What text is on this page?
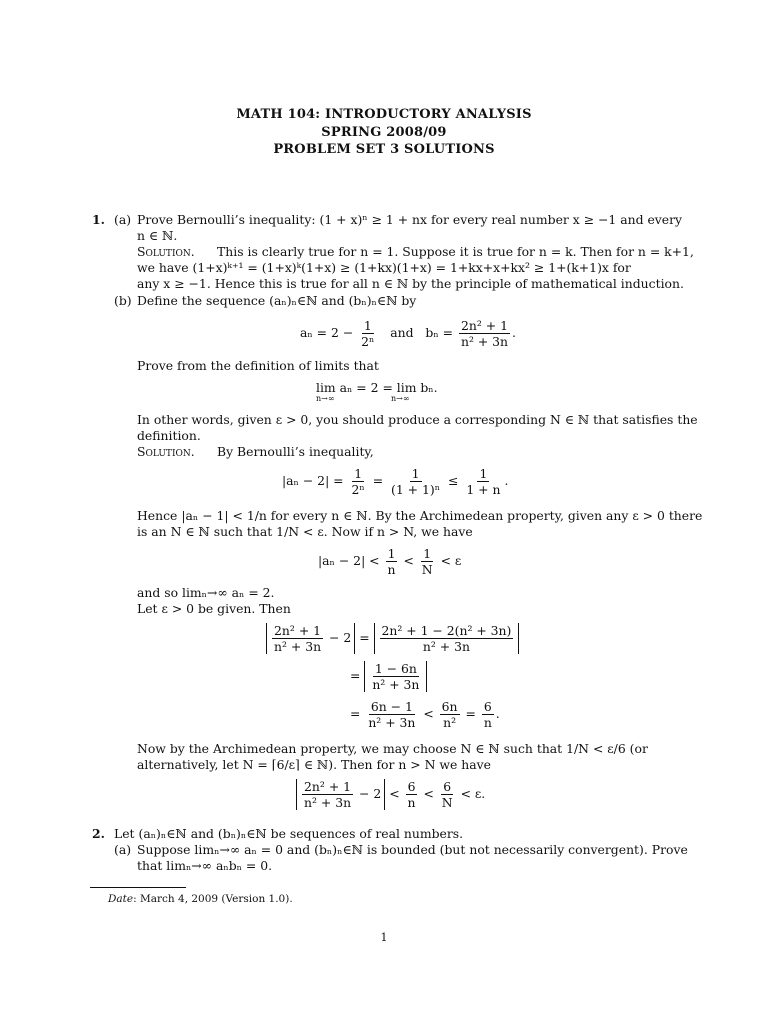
MATH 104: INTRODUCTORY ANALYSIS
SPRING 2008/09
PROBLEM SET 3 SOLUTIONS
1. (a) Prove Bernoulli’s inequality: (1 + x)ⁿ ≥ 1 + nx for every real number x ≥ −1 and every
n ∈ ℕ.
Solution. This is clearly true for n = 1. Suppose it is true for n = k. Then for n = k+1,
we have (1+x)ᵏ⁺¹ = (1+x)ᵏ(1+x) ≥ (1+kx)(1+x) = 1+kx+x+kx² ≥ 1+(k+1)x for
any x ≥ −1. Hence this is true for all n ∈ ℕ by the principle of mathematical induction.
(b) Define the sequence (aₙ)ₙ∈ℕ and (bₙ)ₙ∈ℕ by
$a_n = 2 - \frac{1}{\text{2ⁿ}}$ and $b_n = \frac{\text{2n² + 1}}{\text{n² + 3n}}$ .
Prove from the definition of limits that
lim aₙ = 2 = lim bₙ.
n→∞	n→∞
In other words, given ε > 0, you should produce a corresponding N ∈ ℕ that satisfies the
definition.
Solution. By Bernoulli’s inequality,
$|a_n - 2| = \frac{1}{\text{2ⁿ}} = \frac{1}{\text{(1 + 1)ⁿ}} \le \frac{1}{1 + n}$ .
Hence |aₙ − 1| < 1/n for every n ∈ ℕ. By the Archimedean property, given any ε > 0 there
is an N ∈ ℕ such that 1/N < ε. Now if n > N, we have
$|a_n - 2| < \frac{1}{n} < \frac{1}{N} < \varepsilon$
and so limₙ→∞ aₙ = 2.
Let ε > 0 be given. Then
$\frac{\text{2n² + 1}}{\text{n² + 3n}} - 2 = \frac{\text{2n² + 1 − 2(n² + 3n)}}{\text{n² + 3n}}$
= $\frac{1 - 6n}{\text{n² + 3n}}$
= $\frac{6n - 1}{\text{n² + 3n}} < \frac{6n}{\text{n²}} = \frac{6}{n}$ .
Now by the Archimedean property, we may choose N ∈ ℕ such that 1/N < ε/6 (or
alternatively, let N = ⌈6/ε⌉ ∈ ℕ). Then for n > N we have
$\frac{\text{2n² + 1}}{\text{n² + 3n}} - 2 < \frac{6}{n} < \frac{6}{N} < \varepsilon$.
2. Let (aₙ)ₙ∈ℕ and (bₙ)ₙ∈ℕ be sequences of real numbers.
(a) Suppose limₙ→∞ aₙ = 0 and (bₙ)ₙ∈ℕ is bounded (but not necessarily convergent). Prove
that limₙ→∞ aₙbₙ = 0.
Date: March 4, 2009 (Version 1.0).
1
